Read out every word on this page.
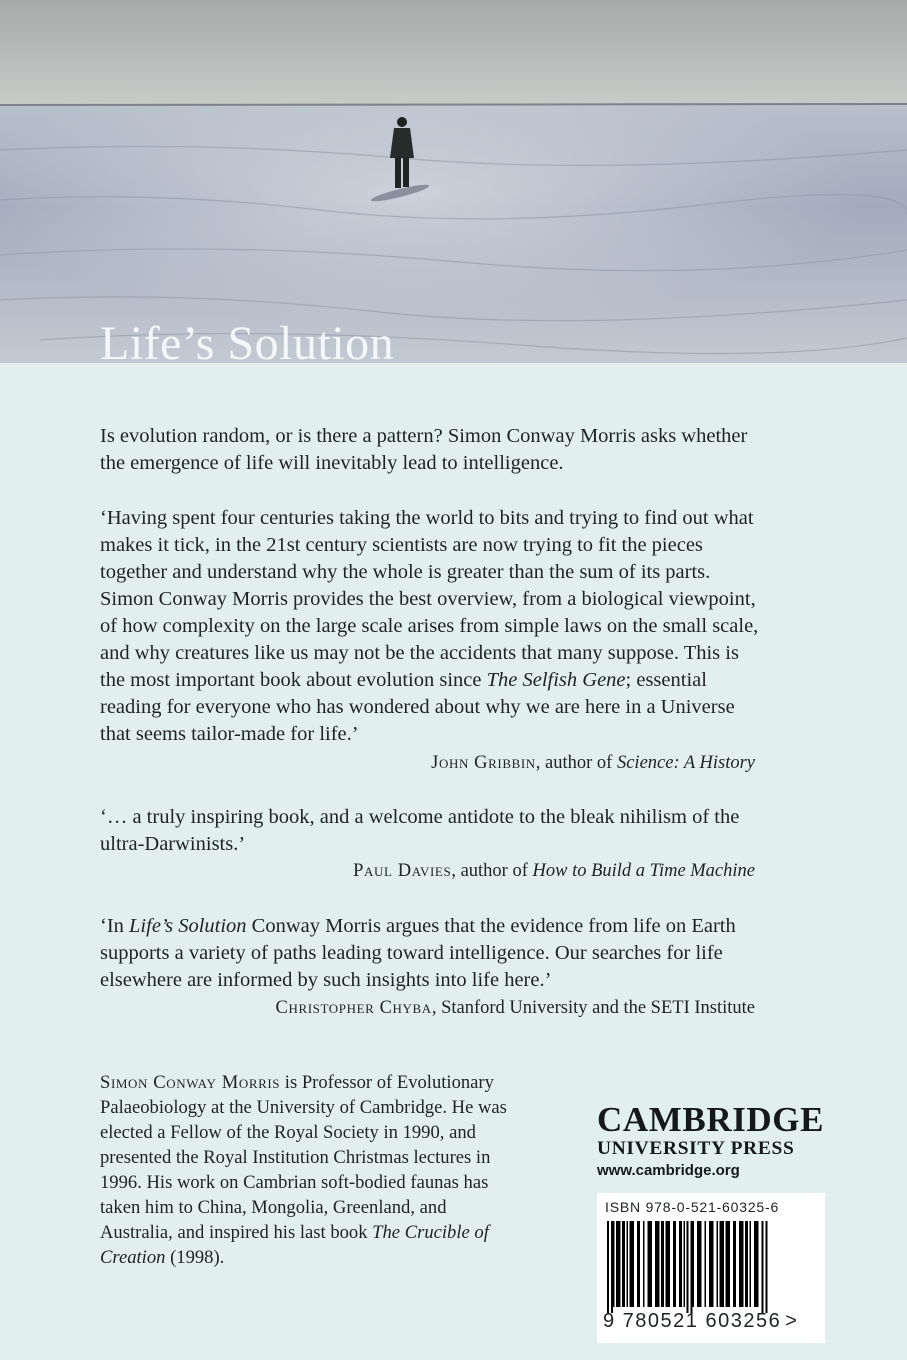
Life’s Solution

Is evolution random, or is there a pattern? Simon Conway Morris asks whether the emergence of life will inevitably lead to intelligence.

‘Having spent four centuries taking the world to bits and trying to find out what makes it tick, in the 21st century scientists are now trying to fit the pieces together and understand why the whole is greater than the sum of its parts. Simon Conway Morris provides the best overview, from a biological viewpoint, of how complexity on the large scale arises from simple laws on the small scale, and why creatures like us may not be the accidents that many suppose. This is the most important book about evolution since The Selfish Gene; essential reading for everyone who has wondered about why we are here in a Universe that seems tailor-made for life.’

John Gribbin, author of Science: A History

‘… a truly inspiring book, and a welcome antidote to the bleak nihilism of the ultra-Darwinists.’

Paul Davies, author of How to Build a Time Machine

‘In Life’s Solution Conway Morris argues that the evidence from life on Earth supports a variety of paths leading toward intelligence. Our searches for life elsewhere are informed by such insights into life here.’

Christopher Chyba, Stanford University and the SETI Institute

Simon Conway Morris is Professor of Evolutionary Palaeobiology at the University of Cambridge. He was elected a Fellow of the Royal Society in 1990, and presented the Royal Institution Christmas lectures in 1996. His work on Cambrian soft-bodied faunas has taken him to China, Mongolia, Greenland, and Australia, and inspired his last book The Crucible of Creation (1998).

CAMBRIDGE
UNIVERSITY PRESS
www.cambridge.org
ISBN 978-0-521-60325-6
9 780521 603256 >
